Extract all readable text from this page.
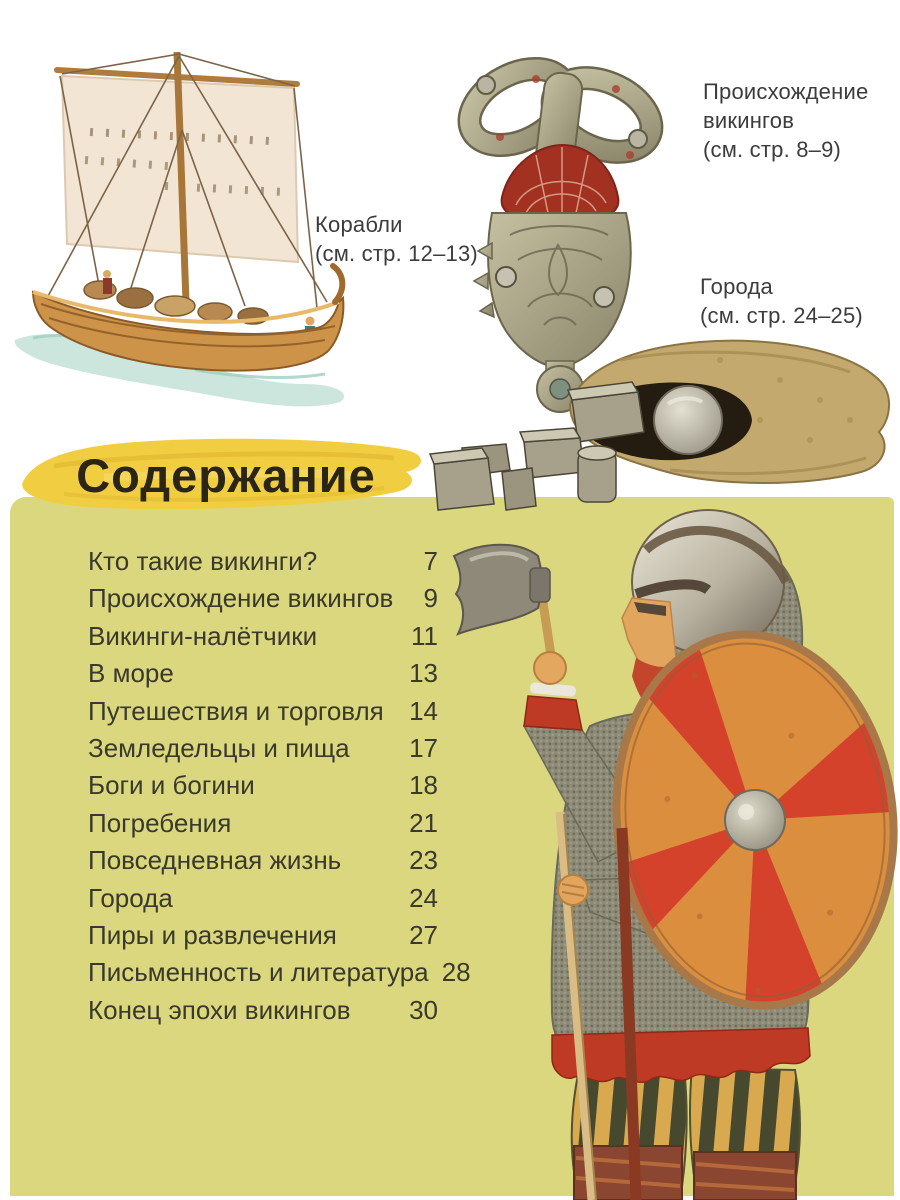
Содержание
Корабли
(см. стр. 12–13)
Происхождение
викингов
(см. стр. 8–9)
Города
(см. стр. 24–25)
Кто такие викинги?	7
Происхождение викингов	9
Викинги-налётчики	11
В море	13
Путешествия и торговля 14
Земледельцы и пища	17
Боги и богини	18
Погребения	21
Повседневная жизнь	23
Города	24
Пиры и развлечения	27
Письменность и литература 28
Конец эпохи викингов	30
